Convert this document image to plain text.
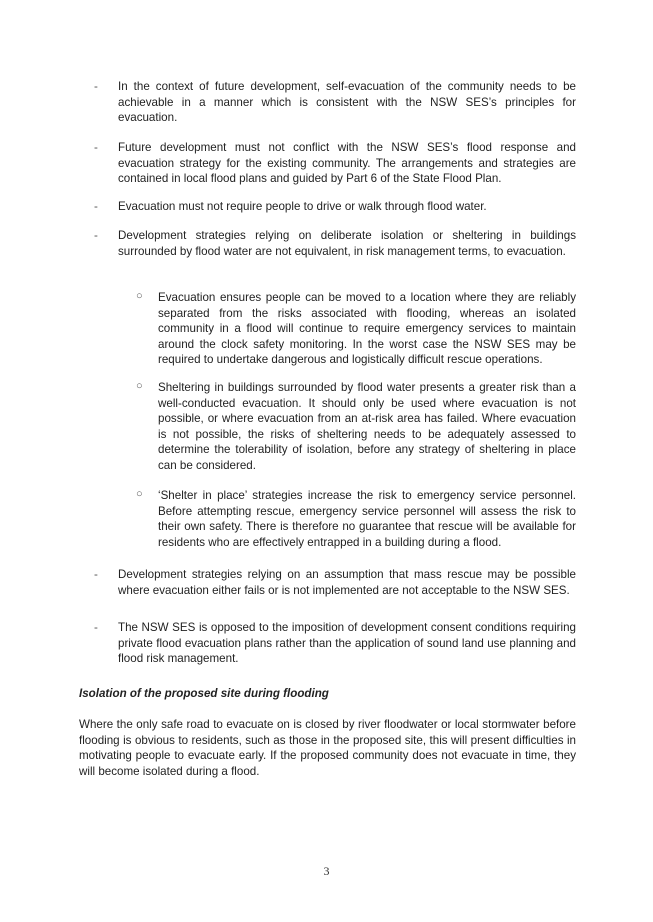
- In the context of future development, self-evacuation of the community needs to be achievable in a manner which is consistent with the NSW SES’s principles for evacuation.
- Future development must not conflict with the NSW SES’s flood response and evacuation strategy for the existing community. The arrangements and strategies are contained in local flood plans and guided by Part 6 of the State Flood Plan.
- Evacuation must not require people to drive or walk through flood water.
- Development strategies relying on deliberate isolation or sheltering in buildings surrounded by flood water are not equivalent, in risk management terms, to evacuation.
○ Evacuation ensures people can be moved to a location where they are reliably separated from the risks associated with flooding, whereas an isolated community in a flood will continue to require emergency services to maintain around the clock safety monitoring. In the worst case the NSW SES may be required to undertake dangerous and logistically difficult rescue operations.
○ Sheltering in buildings surrounded by flood water presents a greater risk than a well-conducted evacuation. It should only be used where evacuation is not possible, or where evacuation from an at-risk area has failed. Where evacuation is not possible, the risks of sheltering needs to be adequately assessed to determine the tolerability of isolation, before any strategy of sheltering in place can be considered.
○ ‘Shelter in place’ strategies increase the risk to emergency service personnel. Before attempting rescue, emergency service personnel will assess the risk to their own safety. There is therefore no guarantee that rescue will be available for residents who are effectively entrapped in a building during a flood.
- Development strategies relying on an assumption that mass rescue may be possible where evacuation either fails or is not implemented are not acceptable to the NSW SES.
- The NSW SES is opposed to the imposition of development consent conditions requiring private flood evacuation plans rather than the application of sound land use planning and flood risk management.
Isolation of the proposed site during flooding
Where the only safe road to evacuate on is closed by river floodwater or local stormwater before flooding is obvious to residents, such as those in the proposed site, this will present difficulties in motivating people to evacuate early. If the proposed community does not evacuate in time, they will become isolated during a flood.
3
